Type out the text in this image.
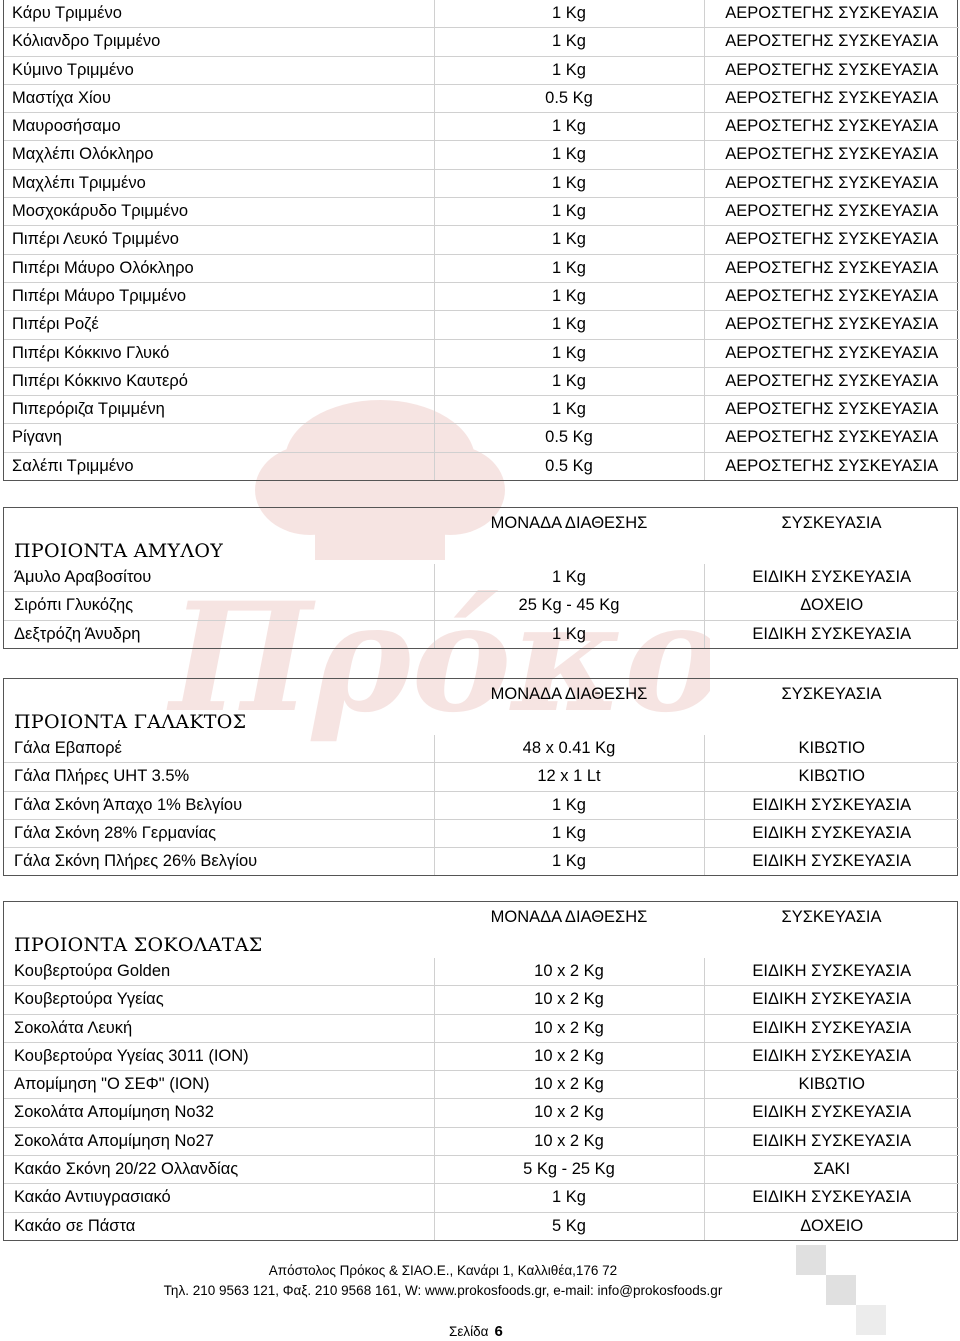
Πρόκ
Κάρυ Τριμμένο	1 Kg	ΑΕΡΟΣΤΕΓΗΣ ΣΥΣΚΕΥΑΣΙΑ
Κόλιανδρο Τριμμένο	1 Kg	ΑΕΡΟΣΤΕΓΗΣ ΣΥΣΚΕΥΑΣΙΑ
Κύμινο Τριμμένο	1 Kg	ΑΕΡΟΣΤΕΓΗΣ ΣΥΣΚΕΥΑΣΙΑ
Μαστίχα Χίου	0.5 Kg	ΑΕΡΟΣΤΕΓΗΣ ΣΥΣΚΕΥΑΣΙΑ
Μαυροσήσαμο	1 Kg	ΑΕΡΟΣΤΕΓΗΣ ΣΥΣΚΕΥΑΣΙΑ
Μαχλέπι Ολόκληρο	1 Kg	ΑΕΡΟΣΤΕΓΗΣ ΣΥΣΚΕΥΑΣΙΑ
Μαχλέπι Τριμμένο	1 Kg	ΑΕΡΟΣΤΕΓΗΣ ΣΥΣΚΕΥΑΣΙΑ
Μοσχοκάρυδο Τριμμένο	1 Kg	ΑΕΡΟΣΤΕΓΗΣ ΣΥΣΚΕΥΑΣΙΑ
Πιπέρι Λευκό Τριμμένο	1 Kg	ΑΕΡΟΣΤΕΓΗΣ ΣΥΣΚΕΥΑΣΙΑ
Πιπέρι Μάυρο Ολόκληρο	1 Kg	ΑΕΡΟΣΤΕΓΗΣ ΣΥΣΚΕΥΑΣΙΑ
Πιπέρι Μάυρο Τριμμένο	1 Kg	ΑΕΡΟΣΤΕΓΗΣ ΣΥΣΚΕΥΑΣΙΑ
Πιπέρι Ροζέ	1 Kg	ΑΕΡΟΣΤΕΓΗΣ ΣΥΣΚΕΥΑΣΙΑ
Πιπέρι Κόκκινο Γλυκό	1 Kg	ΑΕΡΟΣΤΕΓΗΣ ΣΥΣΚΕΥΑΣΙΑ
Πιπέρι Κόκκινο Καυτερό	1 Kg	ΑΕΡΟΣΤΕΓΗΣ ΣΥΣΚΕΥΑΣΙΑ
Πιπερόριζα Τριμμένη	1 Kg	ΑΕΡΟΣΤΕΓΗΣ ΣΥΣΚΕΥΑΣΙΑ
Ρίγανη	0.5 Kg	ΑΕΡΟΣΤΕΓΗΣ ΣΥΣΚΕΥΑΣΙΑ
Σαλέπι Τριμμένο	0.5 Kg	ΑΕΡΟΣΤΕΓΗΣ ΣΥΣΚΕΥΑΣΙΑ
ΠΡΟΙΟΝΤΑ ΑΜΥΛΟΥ
ΜΟΝΑΔΑ ΔΙΑΘΕΣΗΣ	ΣΥΣΚΕΥΑΣΙΑ
Άμυλο Αραβοσίτου	1 Kg	ΕΙΔΙΚΗ ΣΥΣΚΕΥΑΣΙΑ
Σιρόπι Γλυκόζης	25 Kg - 45 Kg	ΔΟΧΕΙΟ
Δεξτρόζη Άνυδρη	1 Kg	ΕΙΔΙΚΗ ΣΥΣΚΕΥΑΣΙΑ
ΠΡΟΙΟΝΤΑ ΓΑΛΑΚΤΟΣ
ΜΟΝΑΔΑ ΔΙΑΘΕΣΗΣ	ΣΥΣΚΕΥΑΣΙΑ
Γάλα Εβαπορέ	48 x 0.41 Kg	ΚΙΒΩΤΙΟ
Γάλα Πλήρες UHT 3.5%	12 x 1 Lt	ΚΙΒΩΤΙΟ
Γάλα Σκόνη Άπαχο 1% Βελγίου	1 Kg	ΕΙΔΙΚΗ ΣΥΣΚΕΥΑΣΙΑ
Γάλα Σκόνη 28% Γερμανίας	1 Kg	ΕΙΔΙΚΗ ΣΥΣΚΕΥΑΣΙΑ
Γάλα Σκόνη Πλήρες 26% Βελγίου	1 Kg	ΕΙΔΙΚΗ ΣΥΣΚΕΥΑΣΙΑ
ΠΡΟΙΟΝΤΑ ΣΟΚΟΛΑΤΑΣ
ΜΟΝΑΔΑ ΔΙΑΘΕΣΗΣ	ΣΥΣΚΕΥΑΣΙΑ
Κουβερτούρα Golden	10 x 2 Kg	ΕΙΔΙΚΗ ΣΥΣΚΕΥΑΣΙΑ
Κουβερτούρα Υγείας	10 x 2 Kg	ΕΙΔΙΚΗ ΣΥΣΚΕΥΑΣΙΑ
Σοκολάτα Λευκή	10 x 2 Kg	ΕΙΔΙΚΗ ΣΥΣΚΕΥΑΣΙΑ
Κουβερτούρα Υγείας 3011 (ΙΟΝ)	10 x 2 Kg	ΕΙΔΙΚΗ ΣΥΣΚΕΥΑΣΙΑ
Απομίμηση "Ο ΣΕΦ" (ΙΟΝ)	10 x 2 Kg	ΚΙΒΩΤΙΟ
Σοκολάτα Απομίμηση Νο32	10 x 2 Kg	ΕΙΔΙΚΗ ΣΥΣΚΕΥΑΣΙΑ
Σοκολάτα Απομίμηση Νο27	10 x 2 Kg	ΕΙΔΙΚΗ ΣΥΣΚΕΥΑΣΙΑ
Κακάο Σκόνη 20/22 Ολλανδίας	5 Kg - 25 Kg	ΣΑΚΙ
Κακάο Αντιυγρασιακό	1 Kg	ΕΙΔΙΚΗ ΣΥΣΚΕΥΑΣΙΑ
Κακάο σε Πάστα	5 Kg	ΔΟΧΕΙΟ
Απόστολος Πρόκος & ΣΙΑΟ.Ε., Κανάρι 1, Καλλιθέα,176 72
Τηλ. 210 9563 121, Φαξ. 210 9568 161, W: www.prokosfoods.gr, e-mail: info@prokosfoods.gr
Σελίδα 6
